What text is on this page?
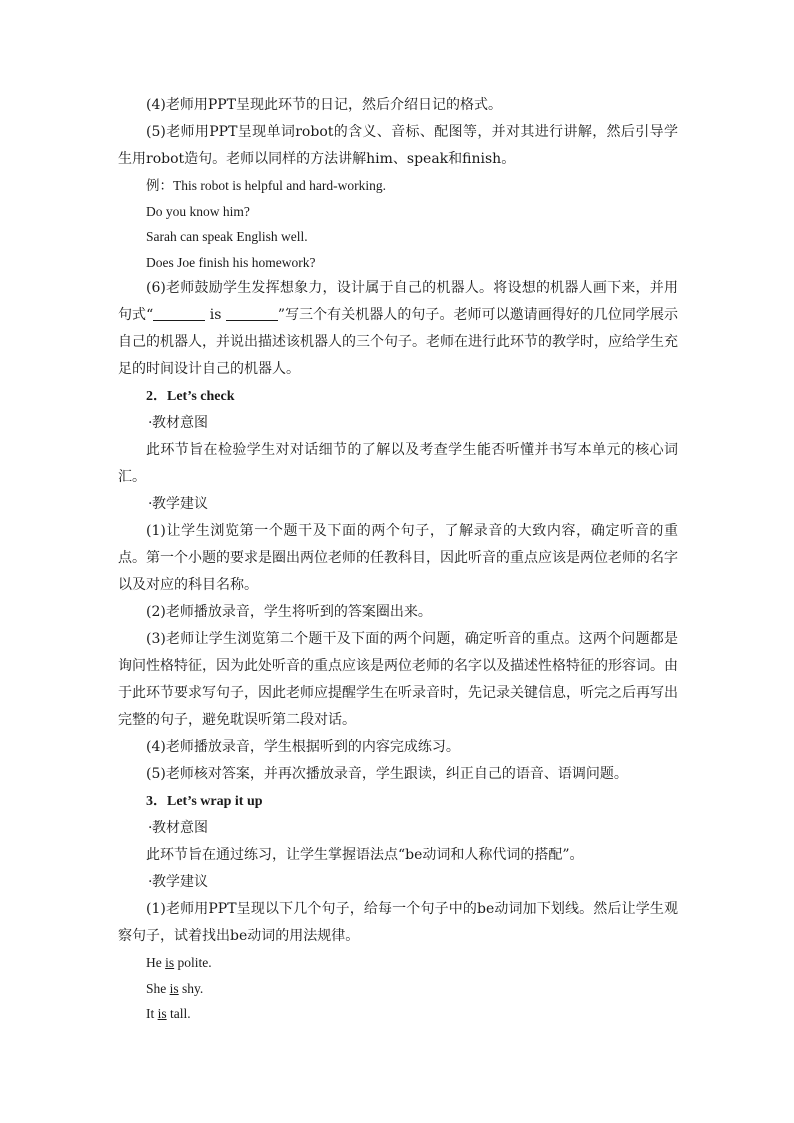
(4)老师用PPT呈现此环节的日记，然后介绍日记的格式。

(5)老师用PPT呈现单词robot的含义、音标、配图等，并对其进行讲解，然后引导学生用robot造句。老师以同样的方法讲解him、speak和finish。

例：This robot is helpful and hard-working.

Do you know him?

Sarah can speak English well.

Does Joe finish his homework?

(6)老师鼓励学生发挥想象力，设计属于自己的机器人。将设想的机器人画下来，并用句式“	is	”写三个有关机器人的句子。老师可以邀请画得好的几位同学展示自己的机器人，并说出描述该机器人的三个句子。老师在进行此环节的教学时，应给学生充足的时间设计自己的机器人。

2．Let’s check

·教材意图

此环节旨在检验学生对对话细节的了解以及考查学生能否听懂并书写本单元的核心词汇。

·教学建议

(1)让学生浏览第一个题干及下面的两个句子，了解录音的大致内容，确定听音的重点。第一个小题的要求是圈出两位老师的任教科目，因此听音的重点应该是两位老师的名字以及对应的科目名称。

(2)老师播放录音，学生将听到的答案圈出来。

(3)老师让学生浏览第二个题干及下面的两个问题，确定听音的重点。这两个问题都是询问性格特征，因为此处听音的重点应该是两位老师的名字以及描述性格特征的形容词。由于此环节要求写句子，因此老师应提醒学生在听录音时，先记录关键信息，听完之后再写出完整的句子，避免耽误听第二段对话。

(4)老师播放录音，学生根据听到的内容完成练习。

(5)老师核对答案，并再次播放录音，学生跟读，纠正自己的语音、语调问题。

3．Let’s wrap it up

·教材意图

此环节旨在通过练习，让学生掌握语法点“be动词和人称代词的搭配”。

·教学建议

(1)老师用PPT呈现以下几个句子，给每一个句子中的be动词加下划线。然后让学生观察句子，试着找出be动词的用法规律。

He is polite.

She is shy.

It is tall.
